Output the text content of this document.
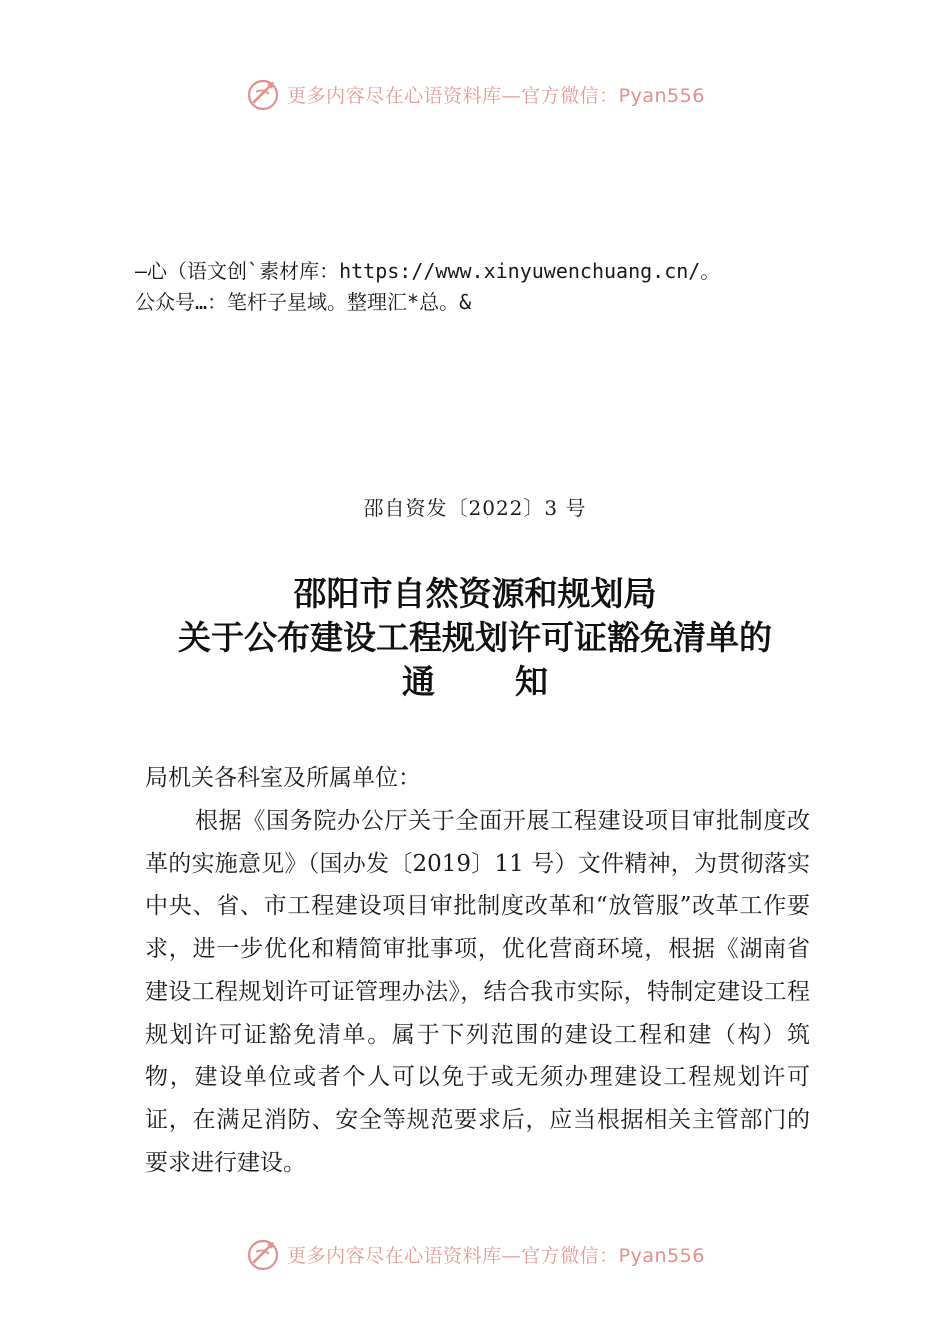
更多内容尽在心语资料库—官方微信：Pyan556
—心（语文创`素材库：https://www.xinyuwenchuang.cn/。
公众号…：笔杆子星域。整理汇*总。&
邵自资发〔2022〕3 号
邵阳市自然资源和规划局
关于公布建设工程规划许可证豁免清单的
通知
局机关各科室及所属单位：

根据《国务院办公厅关于全面开展工程建设项目审批制度改革的实施意见》（国办发〔2019〕11 号）文件精神，为贯彻落实中央、省、市工程建设项目审批制度改革和“放管服”改革工作要求，进一步优化和精简审批事项，优化营商环境，根据《湖南省建设工程规划许可证管理办法》，结合我市实际，特制定建设工程规划许可证豁免清单。属于下列范围的建设工程和建（构）筑物，建设单位或者个人可以免于或无须办理建设工程规划许可证，在满足消防、安全等规范要求后，应当根据相关主管部门的要求进行建设。

更多内容尽在心语资料库—官方微信：Pyan556
